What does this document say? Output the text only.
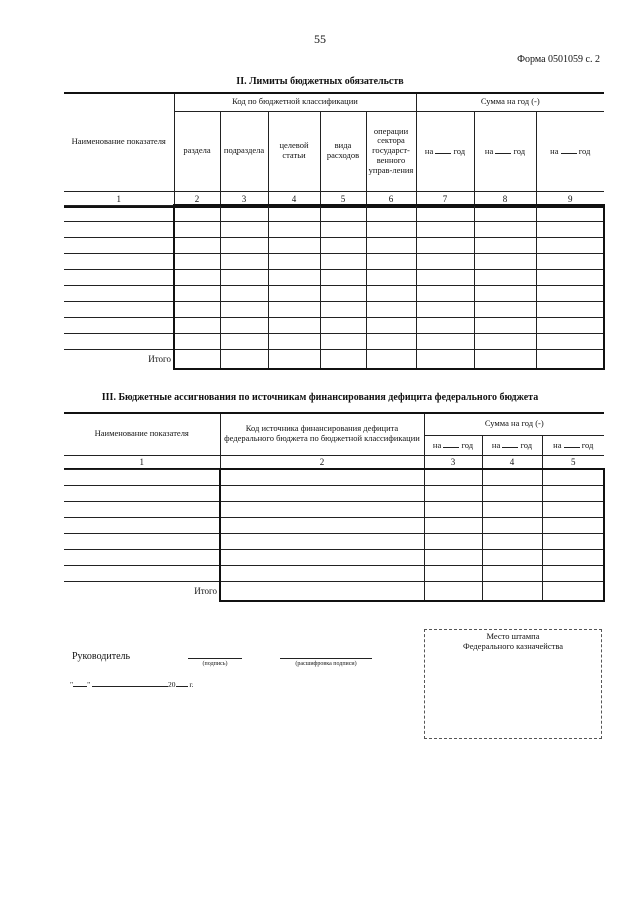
55
Форма 0501059 с. 2
II. Лимиты бюджетных обязательств
Наименование показателя	Код по бюджетной классификации					Сумма на год (-)		
	раздела	подраздела	целевой статьи	вида расходов	операции сектора государст-венного управ-ления	на год	на год	на год
1	2	3	4	5	6	7	8	9

Итого								
III. Бюджетные ассигнования по источникам финансирования дефицита федерального бюджета
Наименование показателя	Код источника финансирования дефицита федерального бюджета по бюджетной классификации	Сумма на год (-)		
		на год	на год	на год
1	2	3	4	5

Итого				
Руководитель
(подпись)	(расшифровка подписи)
" "	20 г.
Место штампа
Федерального казначейства
